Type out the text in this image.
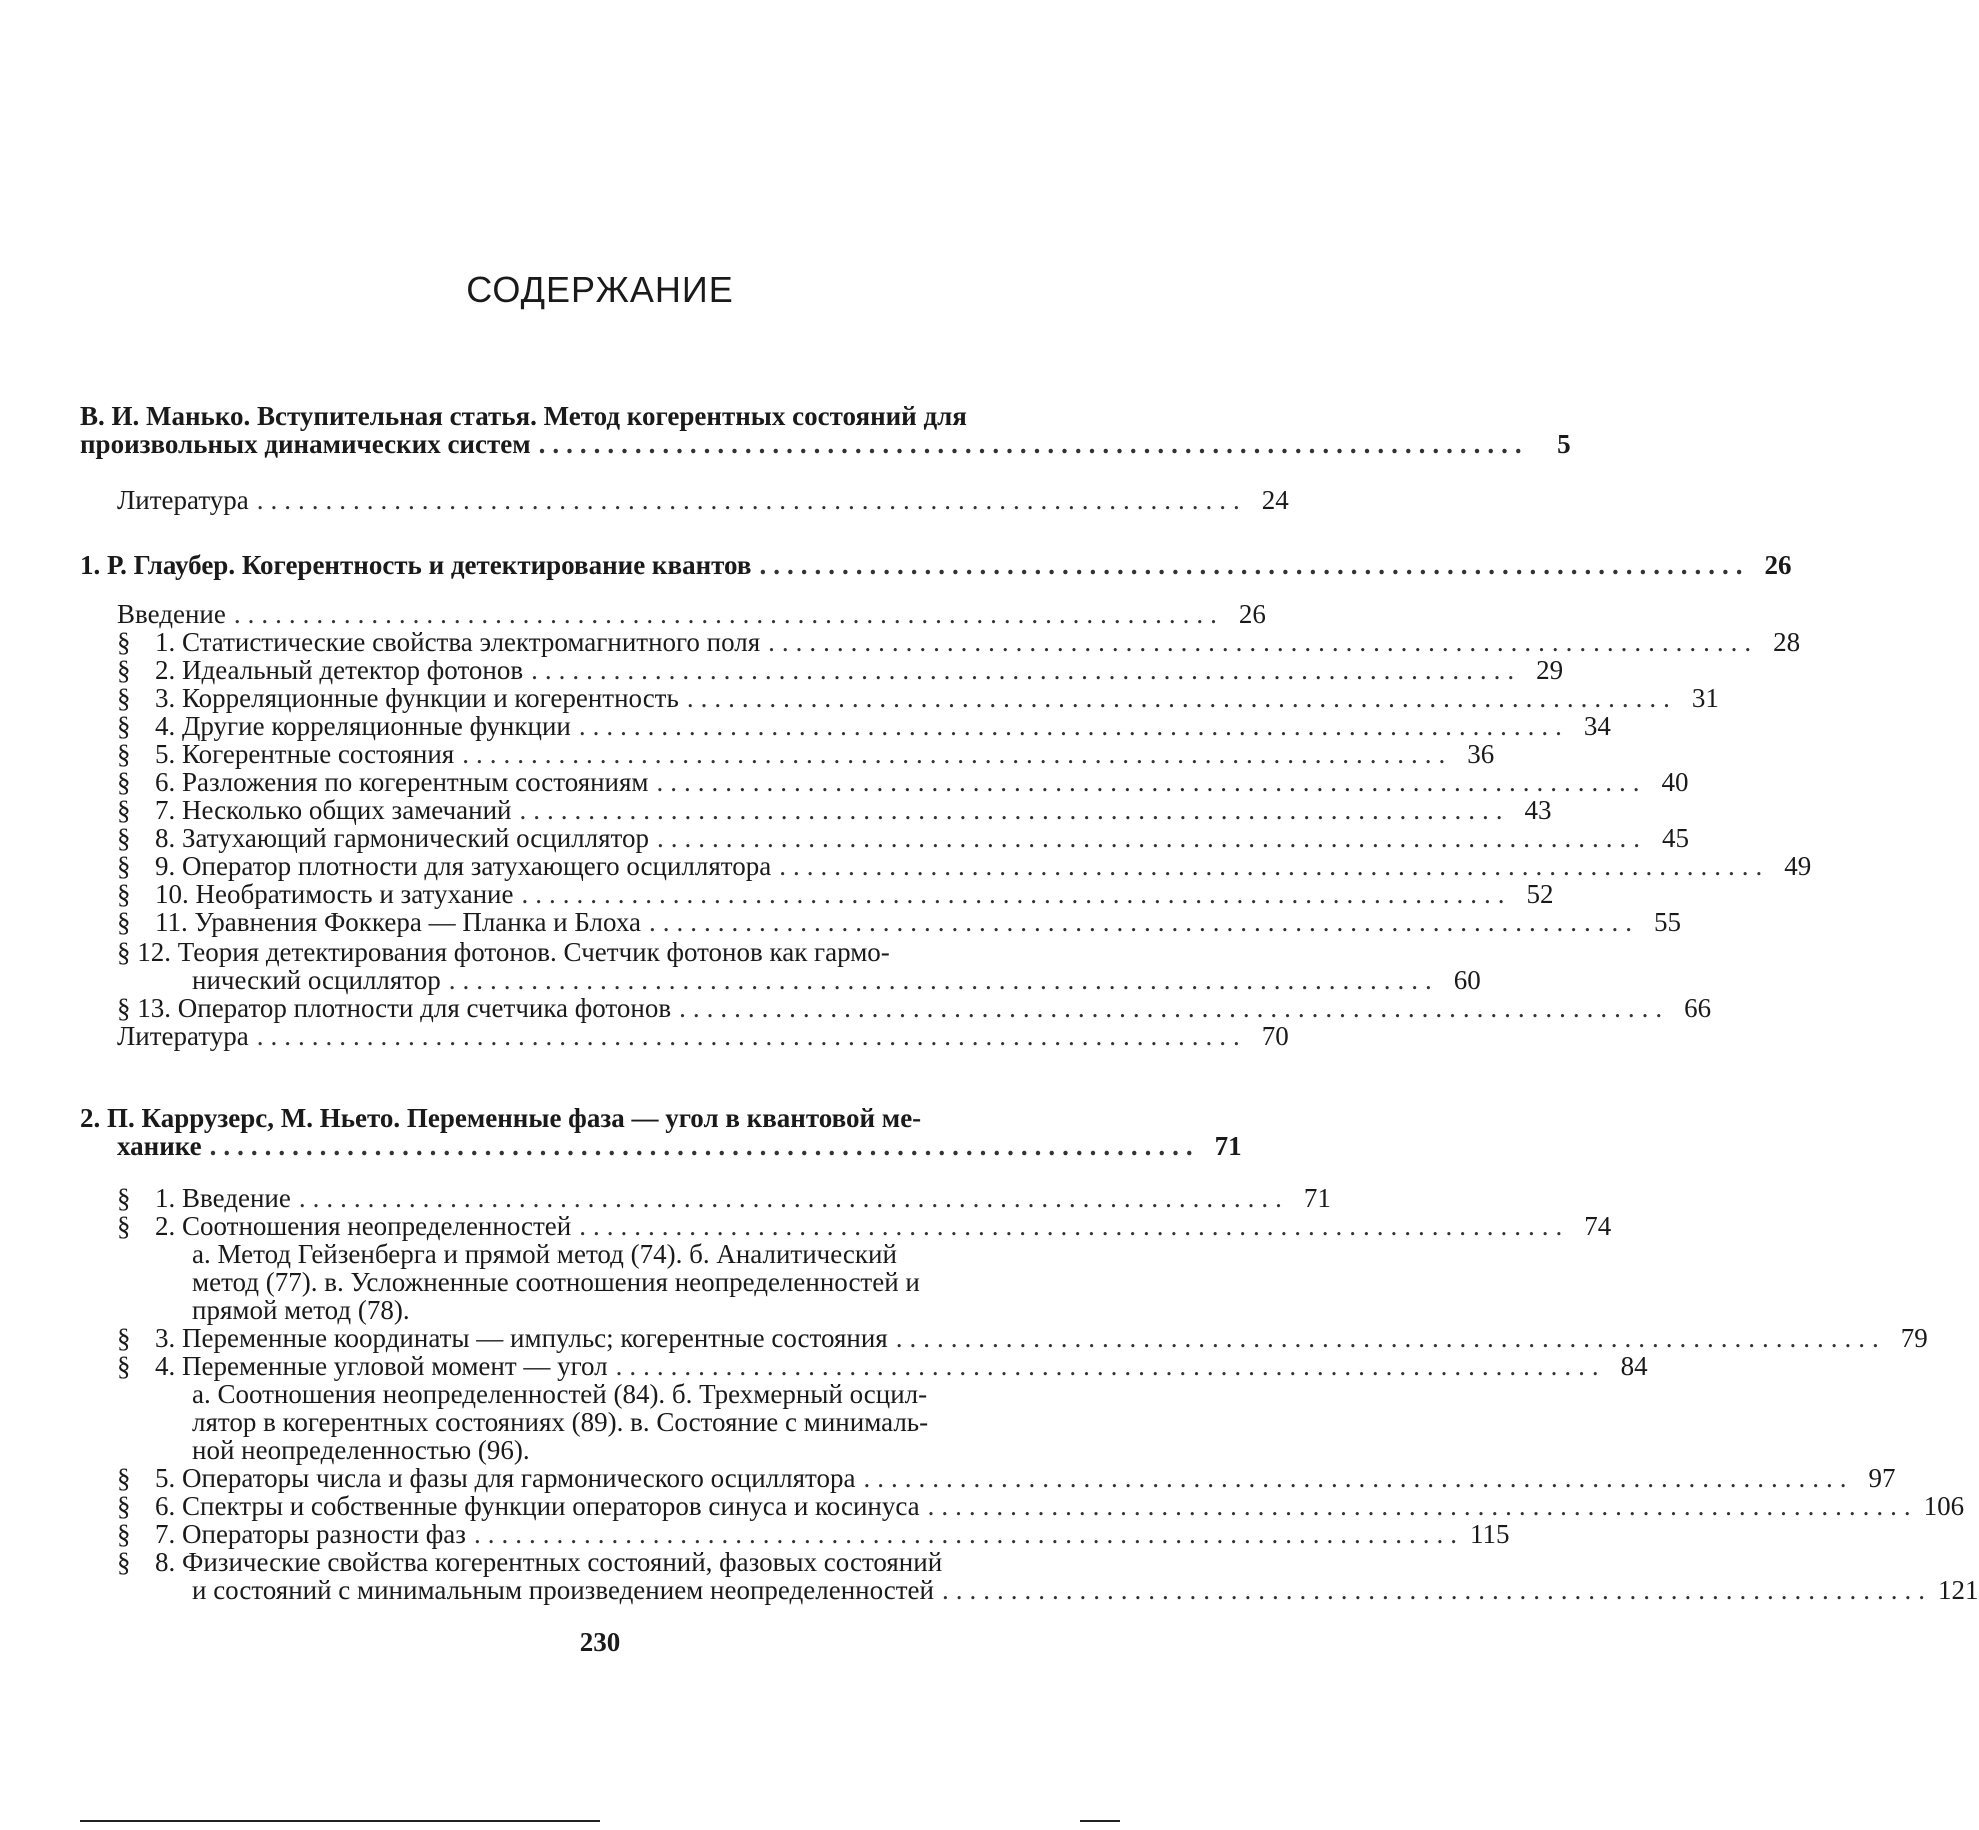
СОДЕРЖАНИЕ
В. И. Манько. Вступительная статья. Метод когерентных состояний для
произвольных динамических систем ........................................................................	5
Литература ........................................................................ 24
1. Р. Глаубер. Когерентность и детектирование квантов ........................................................................ 26
Введение ........................................................................ 26
§ 1. Статистические свойства электромагнитного поля ........................................................................ 28
§ 2. Идеальный детектор фотонов ........................................................................ 29
§ 3. Корреляционные функции и когерентность ........................................................................ 31
§ 4. Другие корреляционные функции ........................................................................ 34
§ 5. Когерентные состояния ........................................................................ 36
§ 6. Разложения по когерентным состояниям ........................................................................ 40
§ 7. Несколько общих замечаний ........................................................................ 43
§ 8. Затухающий гармонический осциллятор ........................................................................ 45
§ 9. Оператор плотности для затухающего осциллятора ........................................................................ 49
§ 10. Необратимость и затухание ........................................................................ 52
§ 11. Уравнения Фоккера — Планка и Блоха ........................................................................ 55
§ 12. Теория детектирования фотонов. Счетчик фотонов как гармо-
нический осциллятор ........................................................................ 60
§ 13. Оператор плотности для счетчика фотонов ........................................................................ 66
Литература ........................................................................ 70
2. П. Каррузерс, М. Ньето. Переменные фаза — угол в квантовой ме-
ханике ........................................................................ 71
§ 1. Введение ........................................................................ 71
§ 2. Соотношения неопределенностей ........................................................................ 74
а. Метод Гейзенберга и прямой метод (74). б. Аналитический
метод (77). в. Усложненные соотношения неопределенностей и
прямой метод (78).
§ 3. Переменные координаты — импульс; когерентные состояния ........................................................................ 79
§ 4. Переменные угловой момент — угол ........................................................................ 84
а. Соотношения неопределенностей (84). б. Трехмерный осцил-
лятор в когерентных состояниях (89). в. Состояние с минималь-
ной неопределенностью (96).
§ 5. Операторы числа и фазы для гармонического осциллятора ........................................................................ 97
§ 6. Спектры и собственные функции операторов синуса и косинуса ........................................................................ 106
§ 7. Операторы разности фаз ........................................................................ 115
§ 8. Физические свойства когерентных состояний, фазовых состояний
и состояний с минимальным произведением неопределенностей ........................................................................ 121
230
